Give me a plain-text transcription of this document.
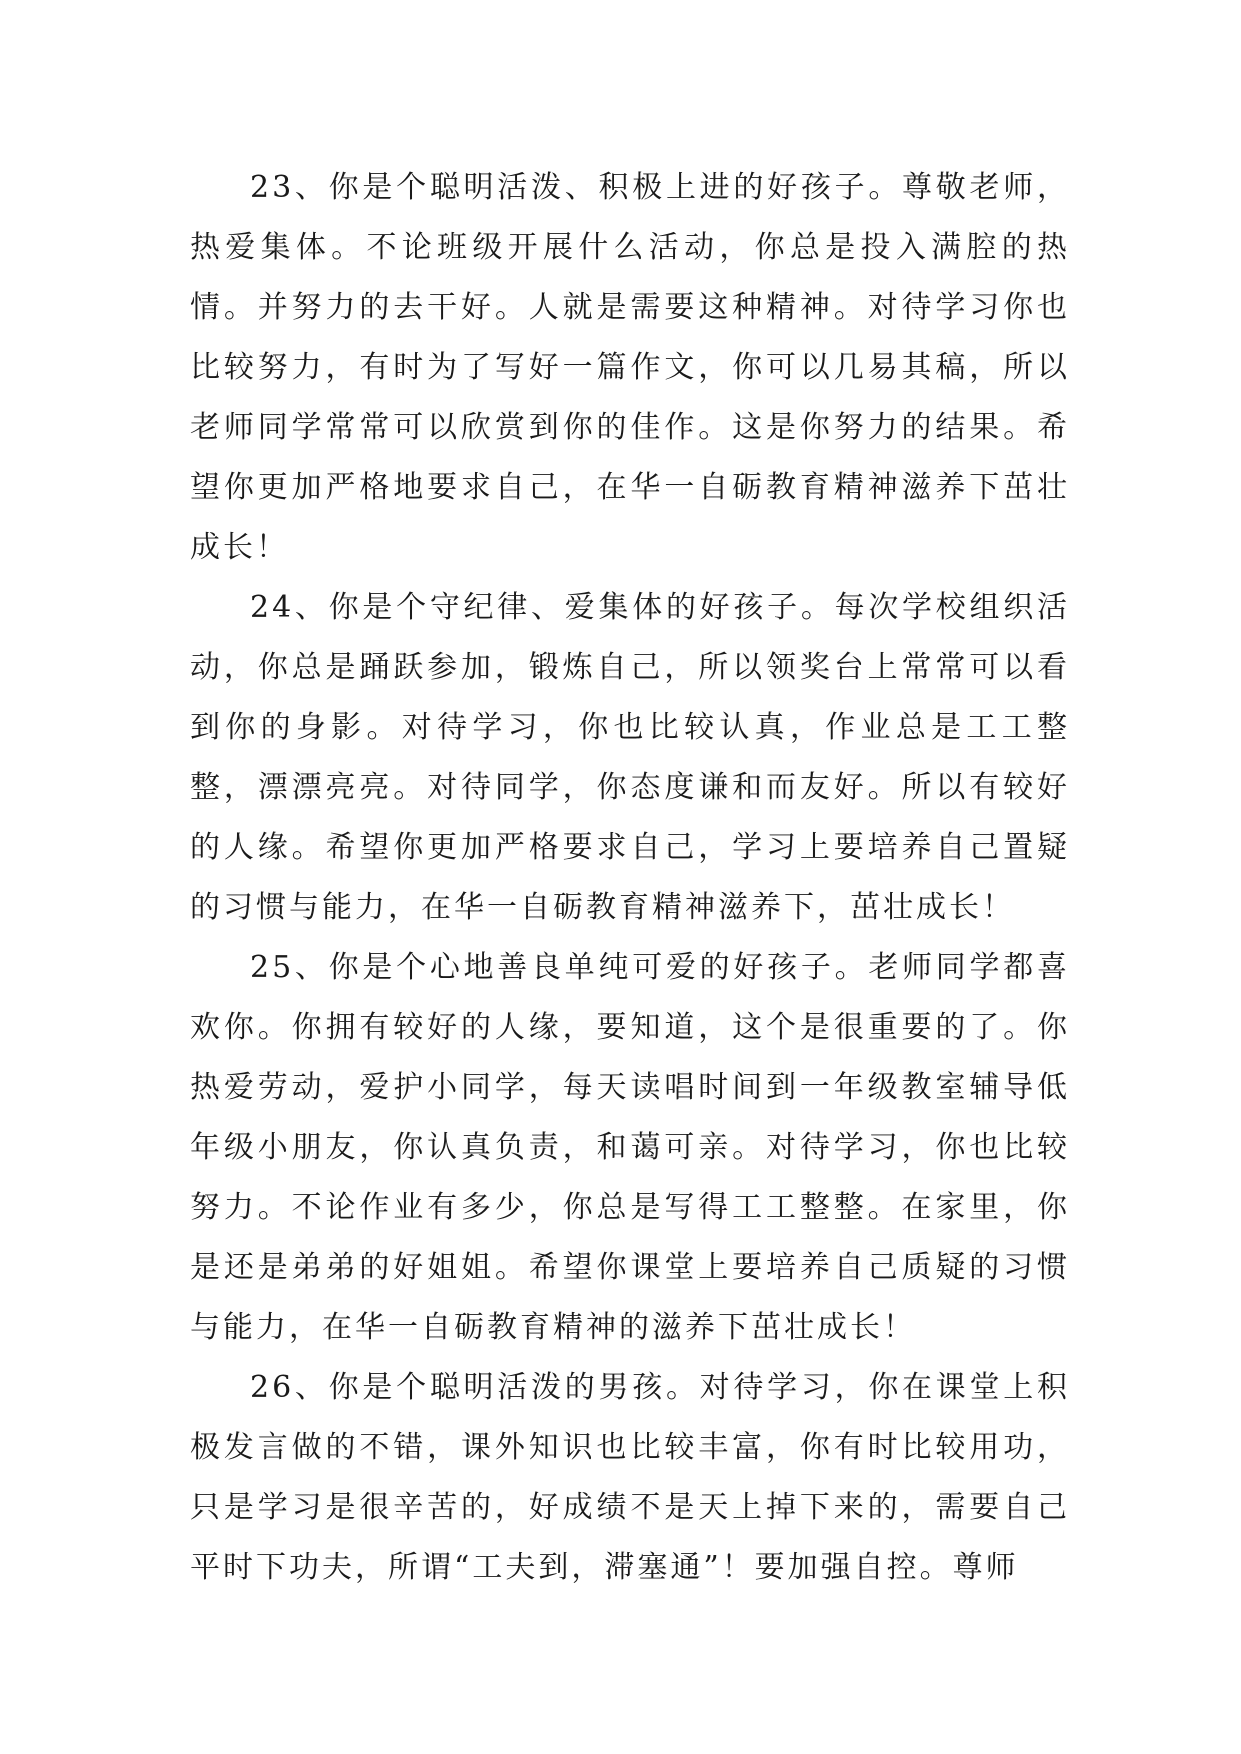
23、你是个聪明活泼、积极上进的好孩子。尊敬老师，热爱集体。不论班级开展什么活动，你总是投入满腔的热情。并努力的去干好。人就是需要这种精神。对待学习你也比较努力，有时为了写好一篇作文，你可以几易其稿，所以老师同学常常可以欣赏到你的佳作。这是你努力的结果。希望你更加严格地要求自己，在华一自砺教育精神滋养下茁壮成长！

24、你是个守纪律、爱集体的好孩子。每次学校组织活动，你总是踊跃参加，锻炼自己，所以领奖台上常常可以看到你的身影。对待学习，你也比较认真，作业总是工工整整，漂漂亮亮。对待同学，你态度谦和而友好。所以有较好的人缘。希望你更加严格要求自己，学习上要培养自己置疑的习惯与能力，在华一自砺教育精神滋养下，茁壮成长！

25、你是个心地善良单纯可爱的好孩子。老师同学都喜欢你。你拥有较好的人缘，要知道，这个是很重要的了。你热爱劳动，爱护小同学，每天读唱时间到一年级教室辅导低年级小朋友，你认真负责，和蔼可亲。对待学习，你也比较努力。不论作业有多少，你总是写得工工整整。在家里，你是还是弟弟的好姐姐。希望你课堂上要培养自己质疑的习惯与能力，在华一自砺教育精神的滋养下茁壮成长！

26、你是个聪明活泼的男孩。对待学习，你在课堂上积极发言做的不错，课外知识也比较丰富，你有时比较用功，只是学习是很辛苦的，好成绩不是天上掉下来的，需要自己平时下功夫，所谓“工夫到，滞塞通”！要加强自控。尊师
